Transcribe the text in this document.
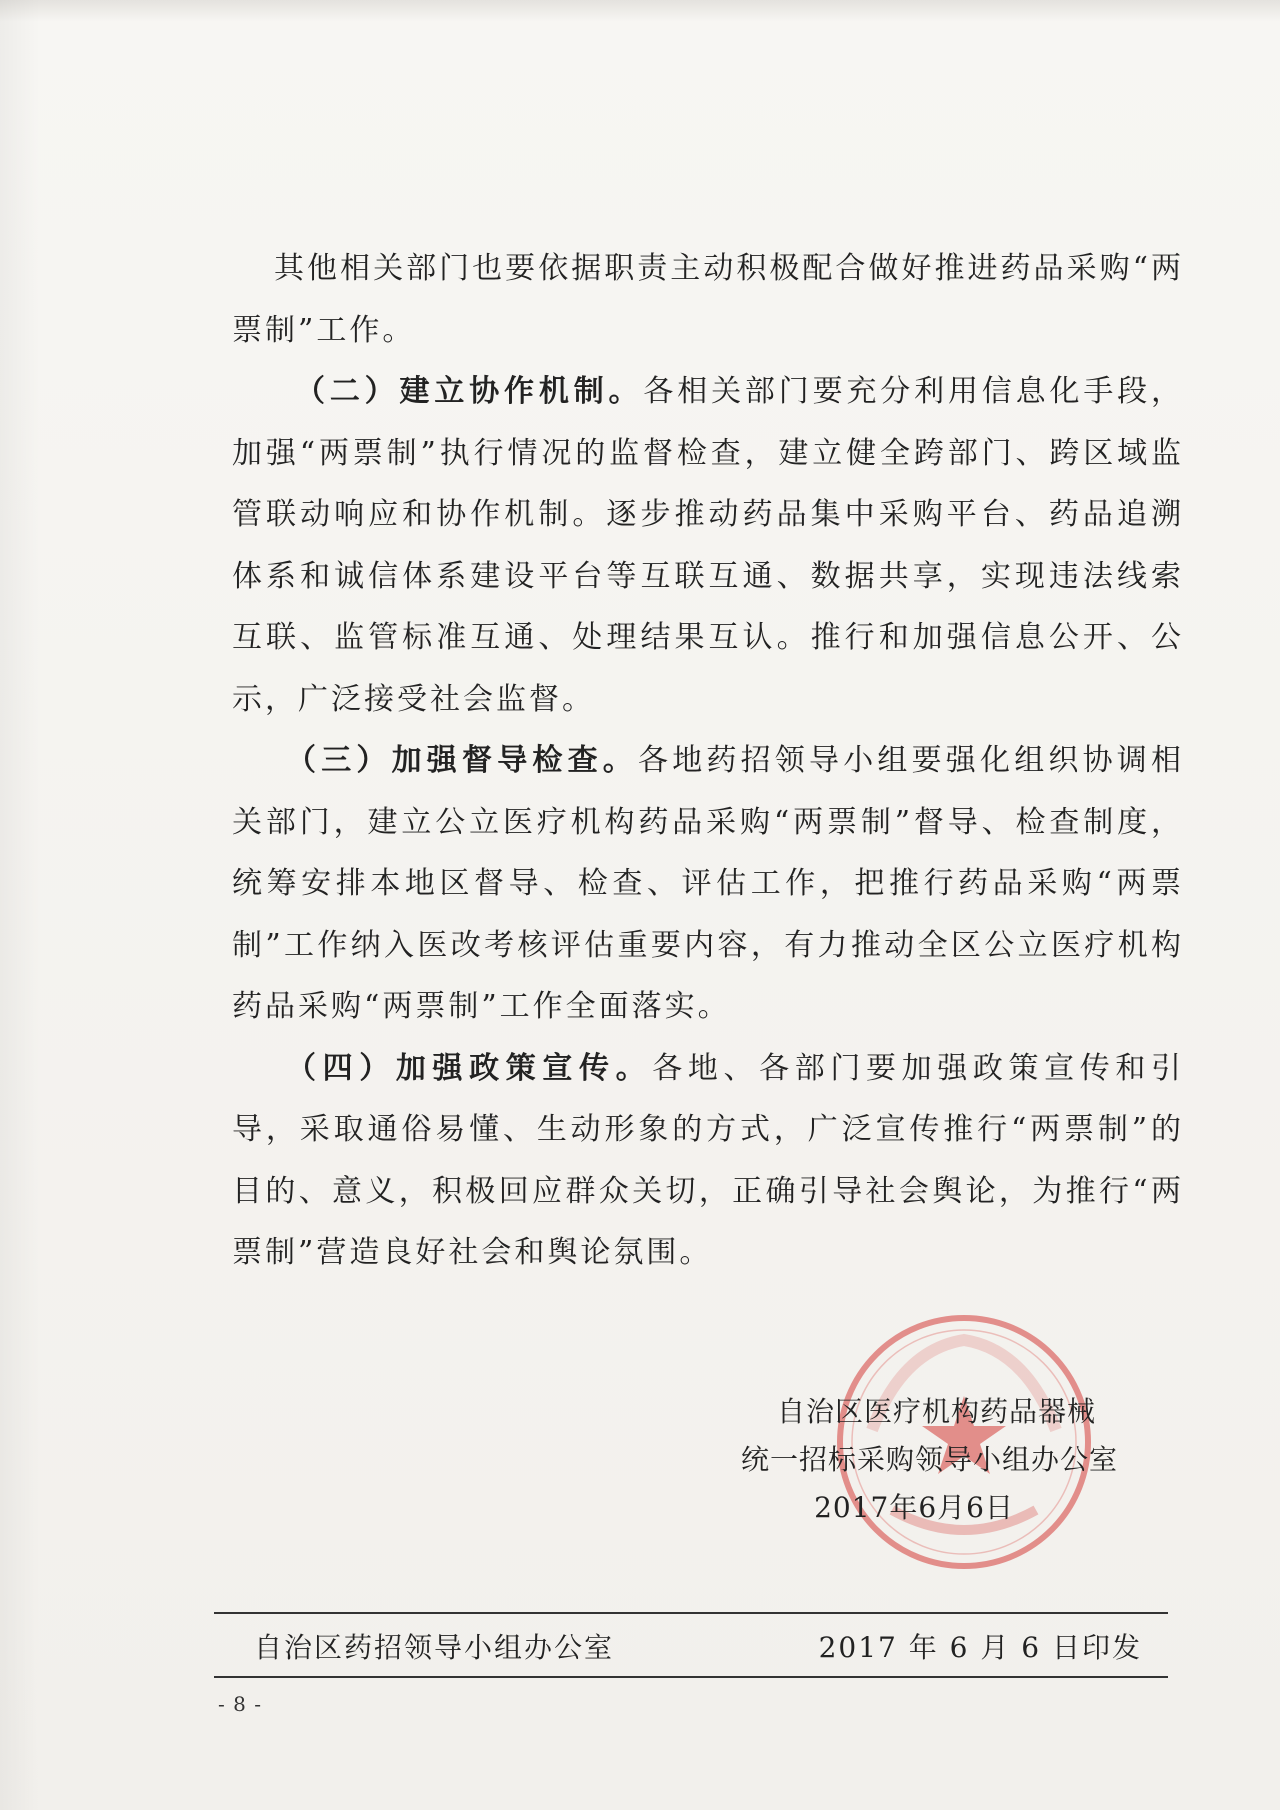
其他相关部门也要依据职责主动积极配合做好推进药品采购“两票制”工作。

（二）建立协作机制。各相关部门要充分利用信息化手段，加强“两票制”执行情况的监督检查，建立健全跨部门、跨区域监管联动响应和协作机制。逐步推动药品集中采购平台、药品追溯体系和诚信体系建设平台等互联互通、数据共享，实现违法线索互联、监管标准互通、处理结果互认。推行和加强信息公开、公示，广泛接受社会监督。

（三）加强督导检查。各地药招领导小组要强化组织协调相关部门，建立公立医疗机构药品采购“两票制”督导、检查制度，统筹安排本地区督导、检查、评估工作，把推行药品采购“两票制”工作纳入医改考核评估重要内容，有力推动全区公立医疗机构药品采购“两票制”工作全面落实。

（四）加强政策宣传。各地、各部门要加强政策宣传和引导，采取通俗易懂、生动形象的方式，广泛宣传推行“两票制”的目的、意义，积极回应群众关切，正确引导社会舆论，为推行“两票制”营造良好社会和舆论氛围。

自治区医疗机构药品器械
统一招标采购领导小组办公室
2017年6月6日
自治区药招领导小组办公室	2017 年 6 月 6 日印发
- 8 -
